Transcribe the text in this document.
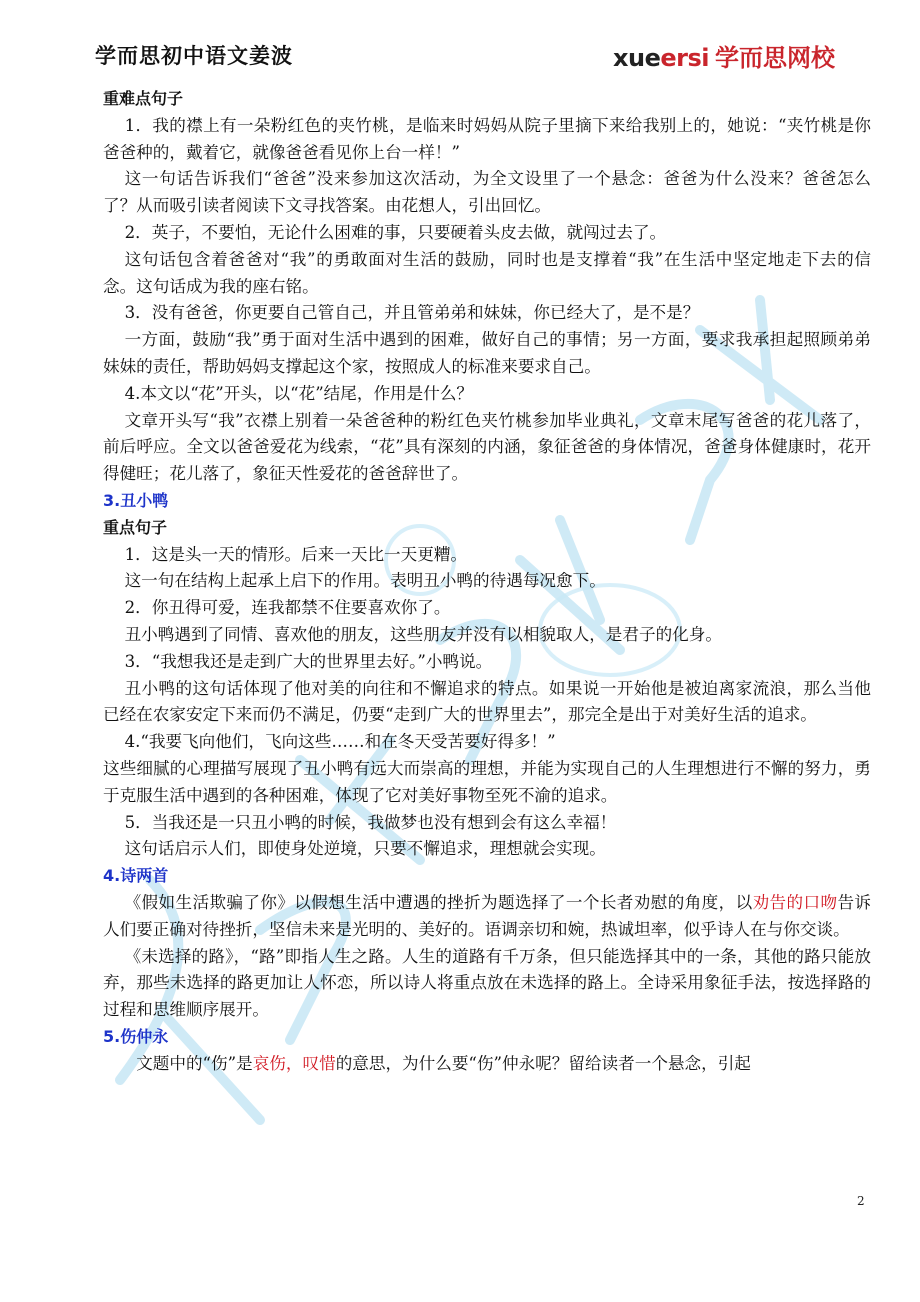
学而思初中语文姜波	xueersi 学而思网校

重难点句子

1．我的襟上有一朵粉红色的夹竹桃，是临来时妈妈从院子里摘下来给我别上的，她说：“夹竹桃是你爸爸种的，戴着它，就像爸爸看见你上台一样！”

这一句话告诉我们“爸爸”没来参加这次活动，为全文设里了一个悬念：爸爸为什么没来？爸爸怎么了？从而吸引读者阅读下文寻找答案。由花想人，引出回忆。

2．英子，不要怕，无论什么困难的事，只要硬着头皮去做，就闯过去了。

这句话包含着爸爸对“我”的勇敢面对生活的鼓励，同时也是支撑着“我”在生活中坚定地走下去的信念。这句话成为我的座右铭。

3．没有爸爸，你更要自己管自己，并且管弟弟和妹妹，你已经大了，是不是？

一方面，鼓励“我”勇于面对生活中遇到的困难，做好自己的事情；另一方面，要求我承担起照顾弟弟妹妹的责任，帮助妈妈支撑起这个家，按照成人的标准来要求自己。

4.本文以“花”开头，以“花”结尾，作用是什么？

文章开头写“我”衣襟上别着一朵爸爸种的粉红色夹竹桃参加毕业典礼，文章末尾写爸爸的花儿落了，前后呼应。全文以爸爸爱花为线索，“花”具有深刻的内涵，象征爸爸的身体情况，爸爸身体健康时，花开得健旺；花儿落了，象征天性爱花的爸爸辞世了。

3.丑小鸭

重点句子

1．这是头一天的情形。后来一天比一天更糟。

这一句在结构上起承上启下的作用。表明丑小鸭的待遇每况愈下。

2．你丑得可爱，连我都禁不住要喜欢你了。

丑小鸭遇到了同情、喜欢他的朋友，这些朋友并没有以相貌取人，是君子的化身。

3．“我想我还是走到广大的世界里去好。”小鸭说。

丑小鸭的这句话体现了他对美的向往和不懈追求的特点。如果说一开始他是被迫离家流浪，那么当他已经在农家安定下来而仍不满足，仍要“走到广大的世界里去”，那完全是出于对美好生活的追求。

4.“我要飞向他们，飞向这些……和在冬天受苦要好得多！”

这些细腻的心理描写展现了丑小鸭有远大而崇高的理想，并能为实现自己的人生理想进行不懈的努力，勇于克服生活中遇到的各种困难，体现了它对美好事物至死不渝的追求。

5．当我还是一只丑小鸭的时候，我做梦也没有想到会有这么幸福！

这句话启示人们，即使身处逆境，只要不懈追求，理想就会实现。

4.诗两首

《假如生活欺骗了你》以假想生活中遭遇的挫折为题选择了一个长者劝慰的角度，以劝告的口吻告诉人们要正确对待挫折，坚信未来是光明的、美好的。语调亲切和婉，热诚坦率，似乎诗人在与你交谈。

《未选择的路》，“路”即指人生之路。人生的道路有千万条，但只能选择其中的一条，其他的路只能放弃，那些未选择的路更加让人怀恋，所以诗人将重点放在未选择的路上。全诗采用象征手法，按选择路的过程和思维顺序展开。

5.伤仲永

文题中的“伤”是哀伤，叹惜的意思，为什么要“伤”仲永呢？留给读者一个悬念，引起

2
